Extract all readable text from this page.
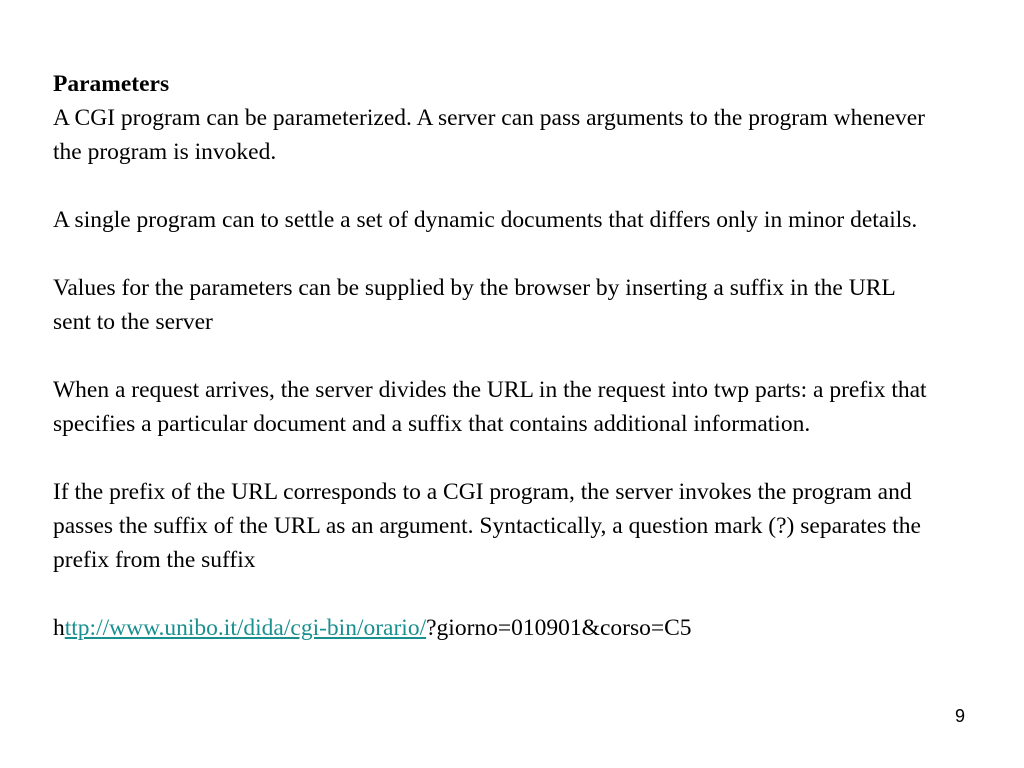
Parameters

A CGI program can be parameterized. A server can pass arguments to the program whenever the program is invoked.

A single program can to settle a set of dynamic documents that differs only in minor details.

Values for the parameters can be supplied by the browser by inserting a suffix in the URL sent to the server

When a request arrives, the server divides the URL in the request into twp parts: a prefix that specifies a particular document and a suffix that contains additional information.

If the prefix of the URL corresponds to a CGI program, the server invokes the program and passes the suffix of the URL as an argument. Syntactically, a question mark (?) separates the prefix from the suffix

http://www.unibo.it/dida/cgi-bin/orario/?giorno=010901&corso=C5

9
